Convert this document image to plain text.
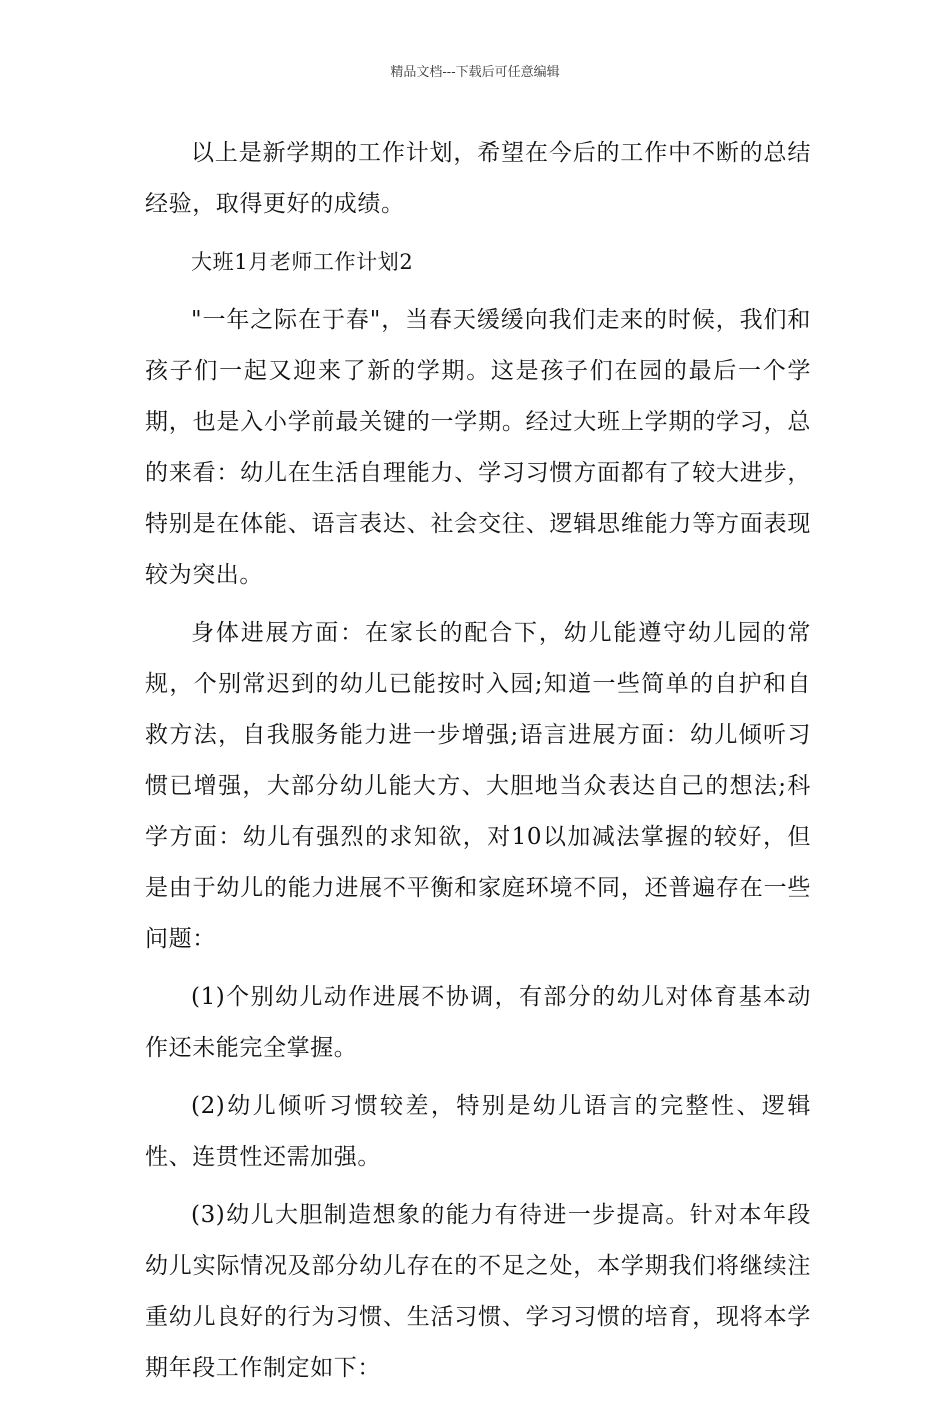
精品文档---下载后可任意编辑

以上是新学期的工作计划，希望在今后的工作中不断的总结经验，取得更好的成绩。

大班1月老师工作计划2

"一年之际在于春"，当春天缓缓向我们走来的时候，我们和孩子们一起又迎来了新的学期。这是孩子们在园的最后一个学期，也是入小学前最关键的一学期。经过大班上学期的学习，总的来看：幼儿在生活自理能力、学习习惯方面都有了较大进步，特别是在体能、语言表达、社会交往、逻辑思维能力等方面表现较为突出。

身体进展方面：在家长的配合下，幼儿能遵守幼儿园的常规，个别常迟到的幼儿已能按时入园;知道一些简单的自护和自救方法，自我服务能力进一步增强;语言进展方面：幼儿倾听习惯已增强，大部分幼儿能大方、大胆地当众表达自己的想法;科学方面：幼儿有强烈的求知欲，对10以加减法掌握的较好，但是由于幼儿的能力进展不平衡和家庭环境不同，还普遍存在一些问题：

(1)个别幼儿动作进展不协调，有部分的幼儿对体育基本动作还未能完全掌握。

(2)幼儿倾听习惯较差，特别是幼儿语言的完整性、逻辑性、连贯性还需加强。

(3)幼儿大胆制造想象的能力有待进一步提高。针对本年段幼儿实际情况及部分幼儿存在的不足之处，本学期我们将继续注重幼儿良好的行为习惯、生活习惯、学习习惯的培育，现将本学期年段工作制定如下：
